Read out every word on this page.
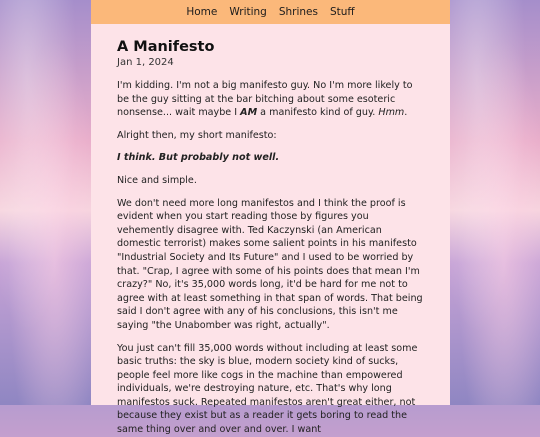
Home Writing Shrines Stuff
A Manifesto
Jan 1, 2024

I'm kidding. I'm not a big manifesto guy. No I'm more likely to be the guy sitting at the bar bitching about some esoteric nonsense... wait maybe I AM a manifesto kind of guy. Hmm.

Alright then, my short manifesto:

I think. But probably not well.

Nice and simple.

We don't need more long manifestos and I think the proof is evident when you start reading those by figures you vehemently disagree with. Ted Kaczynski (an American domestic terrorist) makes some salient points in his manifesto "Industrial Society and Its Future" and I used to be worried by that. "Crap, I agree with some of his points does that mean I'm crazy?" No, it's 35,000 words long, it'd be hard for me not to agree with at least something in that span of words. That being said I don't agree with any of his conclusions, this isn't me saying "the Unabomber was right, actually".

You just can't fill 35,000 words without including at least some basic truths: the sky is blue, modern society kind of sucks, people feel more like cogs in the machine than empowered individuals, we're destroying nature, etc. That's why long manifestos suck. Repeated manifestos aren't great either, not because they exist but as a reader it gets boring to read the same thing over and over and over. I want
